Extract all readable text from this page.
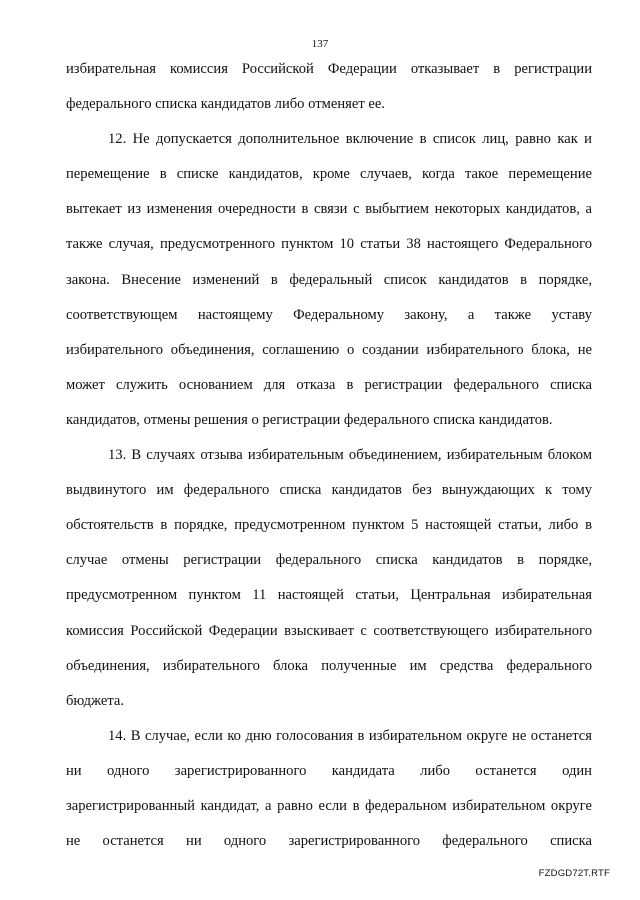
137

избирательная комиссия Российской Федерации отказывает в регистрации федерального списка кандидатов либо отменяет ее.

12. Не допускается дополнительное включение в список лиц, равно как и перемещение в списке кандидатов, кроме случаев, когда такое перемещение вытекает из изменения очередности в связи с выбытием некоторых кандидатов, а также случая, предусмотренного пунктом 10 статьи 38 настоящего Федерального закона. Внесение изменений в федеральный список кандидатов в порядке, соответствующем настоящему Федеральному закону, а также уставу избирательного объединения, соглашению о создании избирательного блока, не может служить основанием для отказа в регистрации федерального списка кандидатов, отмены решения о регистрации федерального списка кандидатов.

13. В случаях отзыва избирательным объединением, избирательным блоком выдвинутого им федерального списка кандидатов без вынуждающих к тому обстоятельств в порядке, предусмотренном пунктом 5 настоящей статьи, либо в случае отмены регистрации федерального списка кандидатов в порядке, предусмотренном пунктом 11 настоящей статьи, Центральная избирательная комиссия Российской Федерации взыскивает с соответствующего избирательного объединения, избирательного блока полученные им средства федерального бюджета.

14. В случае, если ко дню голосования в избирательном округе не останется ни одного зарегистрированного кандидата либо останется один зарегистрированный кандидат, а равно если в федеральном избирательном округе не останется ни одного зарегистрированного федерального списка

FZDGD72T.RTF
